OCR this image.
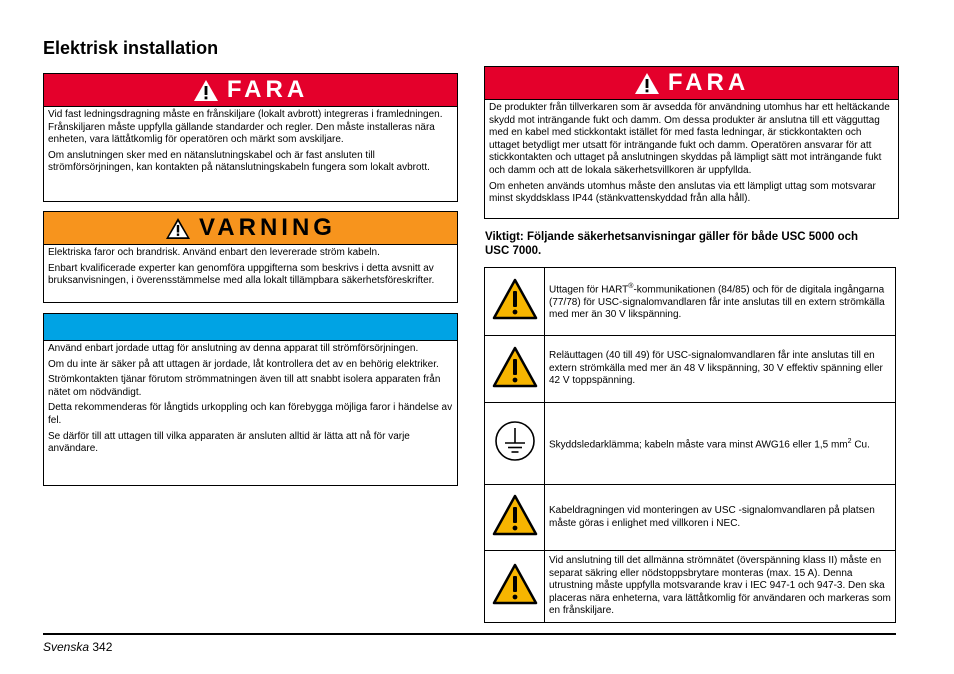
Elektrisk installation
FARA

Vid fast ledningsdragning måste en frånskiljare (lokalt avbrott) integreras i framledningen. Frånskiljaren måste uppfylla gällande standarder och regler. Den måste installeras nära enheten, vara lättåtkomlig för operatören och märkt som avskiljare.

Om anslutningen sker med en nätanslutningskabel och är fast ansluten till strömförsörjningen, kan kontakten på nätanslutningskabeln fungera som lokalt avbrott.

VARNING

Elektriska faror och brandrisk. Använd enbart den levererade ström kabeln.

Enbart kvalificerade experter kan genomföra uppgifterna som beskrivs i detta avsnitt av bruksanvisningen, i överensstämmelse med alla lokalt tillämpbara säkerhetsföreskrifter.

Använd enbart jordade uttag för anslutning av denna apparat till strömförsörjningen.

Om du inte är säker på att uttagen är jordade, låt kontrollera det av en behörig elektriker.

Strömkontakten tjänar förutom strömmatningen även till att snabbt isolera apparaten från nätet om nödvändigt.

Detta rekommenderas för långtids urkoppling och kan förebygga möjliga faror i händelse av fel.

Se därför till att uttagen till vilka apparaten är ansluten alltid är lätta att nå för varje användare.

FARA

De produkter från tillverkaren som är avsedda för användning utomhus har ett heltäckande skydd mot inträngande fukt och damm. Om dessa produkter är anslutna till ett vägguttag med en kabel med stickkontakt istället för med fasta ledningar, är stickkontakten och uttaget betydligt mer utsatt för inträngande fukt och damm. Operatören ansvarar för att stickkontakten och uttaget på anslutningen skyddas på lämpligt sätt mot inträngande fukt och damm och att de lokala säkerhetsvillkoren är uppfyllda.

Om enheten används utomhus måste den anslutas via ett lämpligt uttag som motsvarar minst skyddsklass IP44 (stänkvattenskyddad från alla håll).

Viktigt: Följande säkerhetsanvisningar gäller för både USC 5000 och USC 7000.
	Uttagen för HART®-kommunikationen (84/85) och för de digitala ingångarna (77/78) för USC-signalomvandlaren får inte anslutas till en extern strömkälla med mer än 30 V likspänning.
	Reläuttagen (40 till 49) för USC-signalomvandlaren får inte anslutas till en extern strömkälla med mer än 48 V likspänning, 30 V effektiv spänning eller 42 V toppspänning.
	Skyddsledarklämma; kabeln måste vara minst AWG16 eller 1,5 $mm^2$ Cu.
	Kabeldragningen vid monteringen av USC -signalomvandlaren på platsen måste göras i enlighet med villkoren i NEC.
	Vid anslutning till det allmänna strömnätet (överspänning klass II) måste en separat säkring eller nödstoppsbrytare monteras (max. 15 A). Denna utrustning måste uppfylla motsvarande krav i IEC 947-1 och 947-3. Den ska placeras nära enheterna, vara lättåtkomlig för användaren och markeras som en frånskiljare.
Svenska 342
